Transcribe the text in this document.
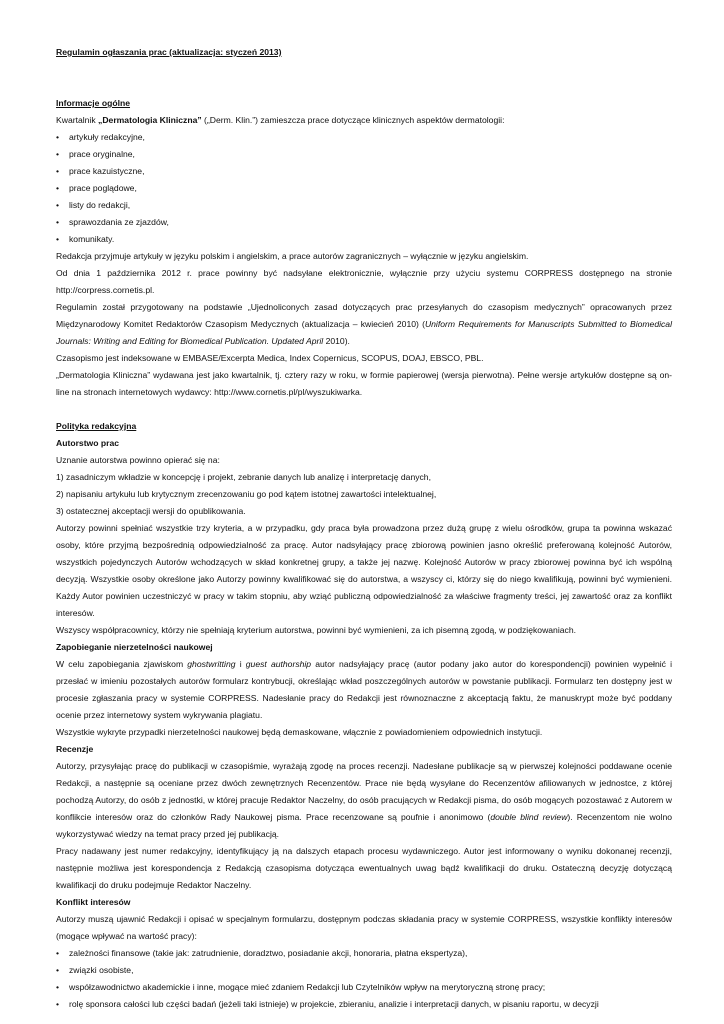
Regulamin ogłaszania prac (aktualizacja: styczeń 2013)
Informacje ogólne

Kwartalnik „Dermatologia Kliniczna” („Derm. Klin.”) zamieszcza prace dotyczące klinicznych aspektów dermatologii:

• artykuły redakcyjne,
• prace oryginalne,
• prace kazuistyczne,
• prace poglądowe,
• listy do redakcji,
• sprawozdania ze zjazdów,
• komunikaty.

Redakcja przyjmuje artykuły w języku polskim i angielskim, a prace autorów zagranicznych – wyłącznie w języku angielskim.

Od dnia 1 października 2012 r. prace powinny być nadsyłane elektronicznie, wyłącznie przy użyciu systemu CORPRESS dostępnego na stronie http://corpress.cornetis.pl.

Regulamin został przygotowany na podstawie „Ujednoliconych zasad dotyczących prac przesyłanych do czasopism medycznych” opracowanych przez Międzynarodowy Komitet Redaktorów Czasopism Medycznych (aktualizacja – kwiecień 2010) (Uniform Requirements for Manuscripts Submitted to Biomedical Journals: Writing and Editing for Biomedical Publication. Updated April 2010).

Czasopismo jest indeksowane w EMBASE/Excerpta Medica, Index Copernicus, SCOPUS, DOAJ, EBSCO, PBL.

„Dermatologia Kliniczna” wydawana jest jako kwartalnik, tj. cztery razy w roku, w formie papierowej (wersja pierwotna). Pełne wersje artykułów dostępne są on-line na stronach internetowych wydawcy: http://www.cornetis.pl/pl/wyszukiwarka.

Polityka redakcyjna
Autorstwo prac

Uznanie autorstwa powinno opierać się na:

1) zasadniczym wkładzie w koncepcję i projekt, zebranie danych lub analizę i interpretację danych,

2) napisaniu artykułu lub krytycznym zrecenzowaniu go pod kątem istotnej zawartości intelektualnej,

3) ostatecznej akceptacji wersji do opublikowania.

Autorzy powinni spełniać wszystkie trzy kryteria, a w przypadku, gdy praca była prowadzona przez dużą grupę z wielu ośrodków, grupa ta powinna wskazać osoby, które przyjmą bezpośrednią odpowiedzialność za pracę. Autor nadsyłający pracę zbiorową powinien jasno określić preferowaną kolejność Autorów, wszystkich pojedynczych Autorów wchodzących w skład konkretnej grupy, a także jej nazwę. Kolejność Autorów w pracy zbiorowej powinna być ich wspólną decyzją. Wszystkie osoby określone jako Autorzy powinny kwalifikować się do autorstwa, a wszyscy ci, którzy się do niego kwalifikują, powinni być wymienieni. Każdy Autor powinien uczestniczyć w pracy w takim stopniu, aby wziąć publiczną odpowiedzialność za właściwe fragmenty treści, jej zawartość oraz za konflikt interesów.

Wszyscy współpracownicy, którzy nie spełniają kryterium autorstwa, powinni być wymienieni, za ich pisemną zgodą, w podziękowaniach.

Zapobieganie nierzetelności naukowej

W celu zapobiegania zjawiskom ghostwritting i guest authorship autor nadsyłający pracę (autor podany jako autor do korespondencji) powinien wypełnić i przesłać w imieniu pozostałych autorów formularz kontrybucji, określając wkład poszczególnych autorów w powstanie publikacji. Formularz ten dostępny jest w procesie zgłaszania pracy w systemie CORPRESS. Nadesłanie pracy do Redakcji jest równoznaczne z akceptacją faktu, że manuskrypt może być poddany ocenie przez internetowy system wykrywania plagiatu.

Wszystkie wykryte przypadki nierzetelności naukowej będą demaskowane, włącznie z powiadomieniem odpowiednich instytucji.

Recenzje

Autorzy, przysyłając pracę do publikacji w czasopiśmie, wyrażają zgodę na proces recenzji. Nadesłane publikacje są w pierwszej kolejności poddawane ocenie Redakcji, a następnie są oceniane przez dwóch zewnętrznych Recenzentów. Prace nie będą wysyłane do Recenzentów afiliowanych w jednostce, z której pochodzą Autorzy, do osób z jednostki, w której pracuje Redaktor Naczelny, do osób pracujących w Redakcji pisma, do osób mogących pozostawać z Autorem w konflikcie interesów oraz do członków Rady Naukowej pisma. Prace recenzowane są poufnie i anonimowo (double blind review). Recenzentom nie wolno wykorzystywać wiedzy na temat pracy przed jej publikacją.

Pracy nadawany jest numer redakcyjny, identyfikujący ją na dalszych etapach procesu wydawniczego. Autor jest informowany o wyniku dokonanej recenzji, następnie możliwa jest korespondencja z Redakcją czasopisma dotycząca ewentualnych uwag bądź kwalifikacji do druku. Ostateczną decyzję dotyczącą kwalifikacji do druku podejmuje Redaktor Naczelny.

Konflikt interesów

Autorzy muszą ujawnić Redakcji i opisać w specjalnym formularzu, dostępnym podczas składania pracy w systemie CORPRESS, wszystkie konflikty interesów (mogące wpływać na wartość pracy):

• zależności finansowe (takie jak: zatrudnienie, doradztwo, posiadanie akcji, honoraria, płatna ekspertyza),
• związki osobiste,
• współzawodnictwo akademickie i inne, mogące mieć zdaniem Redakcji lub Czytelników wpływ na merytoryczną stronę pracy;
• rolę sponsora całości lub części badań (jeżeli taki istnieje) w projekcie, zbieraniu, analizie i interpretacji danych, w pisaniu raportu, w decyzji
